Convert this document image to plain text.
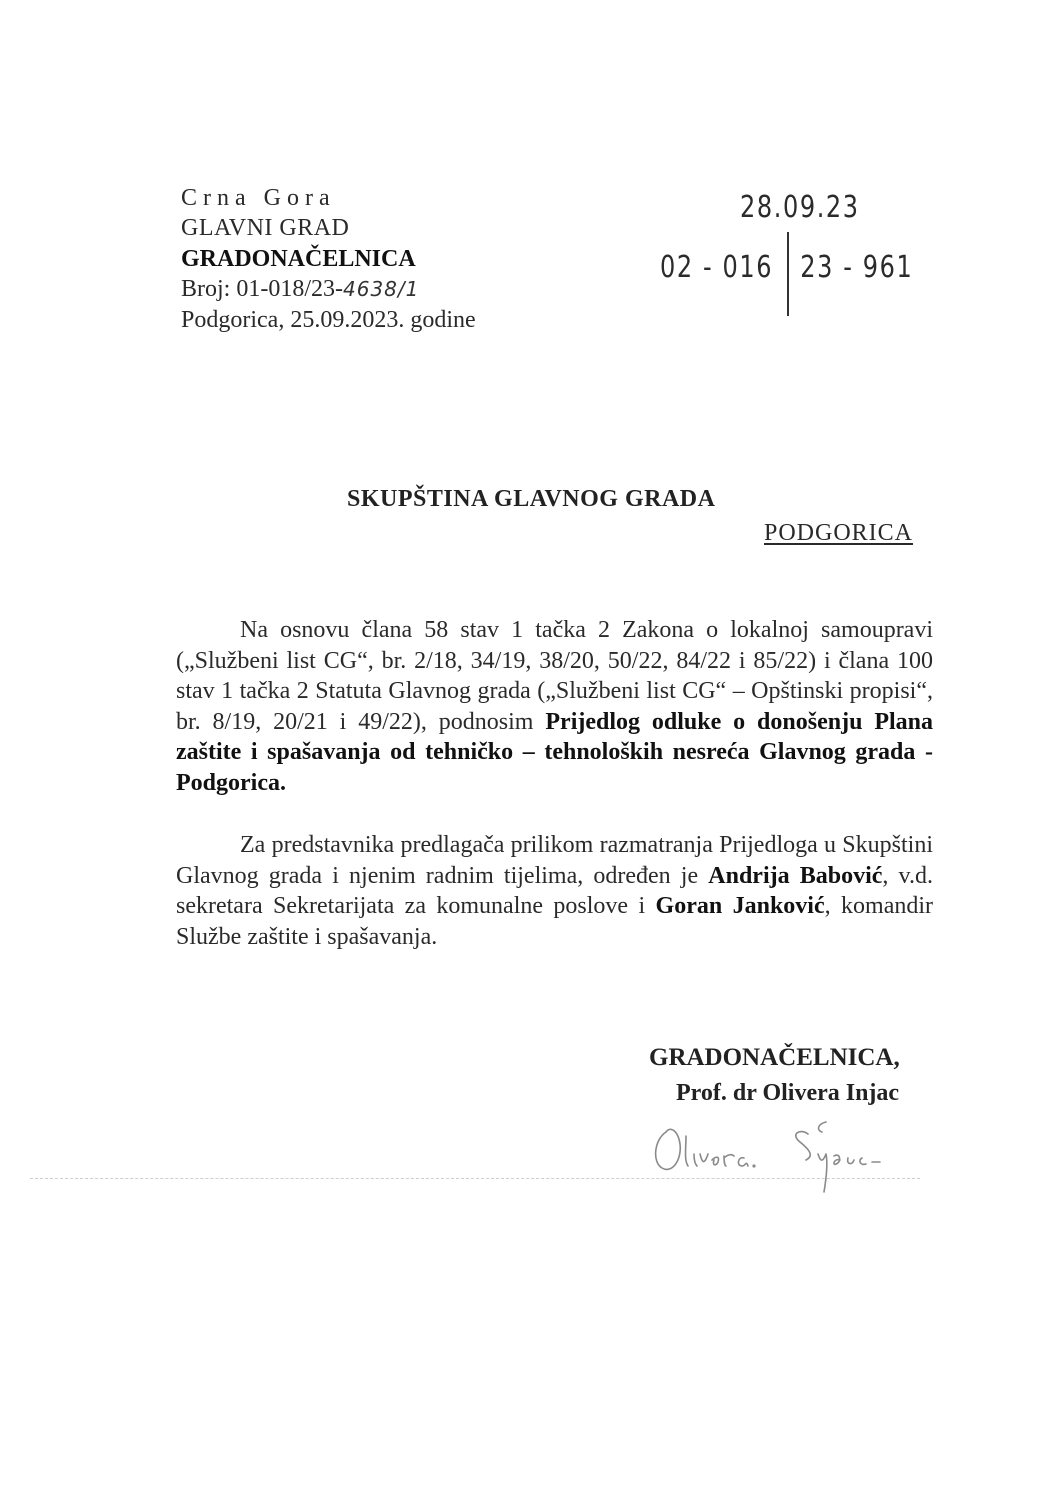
Crna Gora
GLAVNI GRAD
GRADONAČELNICA
Broj: 01-018/23-4638/1
Podgorica, 25.09.2023. godine
28.09.23
02 - 016 23 - 961
SKUPŠTINA GLAVNOG GRADA
PODGORICA
Na osnovu člana 58 stav 1 tačka 2 Zakona o lokalnoj samoupravi („Službeni list CG“, br. 2/18, 34/19, 38/20, 50/22, 84/22 i 85/22) i člana 100 stav 1 tačka 2 Statuta Glavnog grada („Službeni list CG“ – Opštinski propisi“, br. 8/19, 20/21 i 49/22), podnosim Prijedlog odluke o donošenju Plana zaštite i spašavanja od tehničko – tehnoloških nesreća Glavnog grada - Podgorica.
Za predstavnika predlagača prilikom razmatranja Prijedloga u Skupštini Glavnog grada i njenim radnim tijelima, određen je Andrija Babović, v.d. sekretara Sekretarijata za komunalne poslove i Goran Janković, komandir Službe zaštite i spašavanja.
GRADONAČELNICA,
Prof. dr Olivera Injac
